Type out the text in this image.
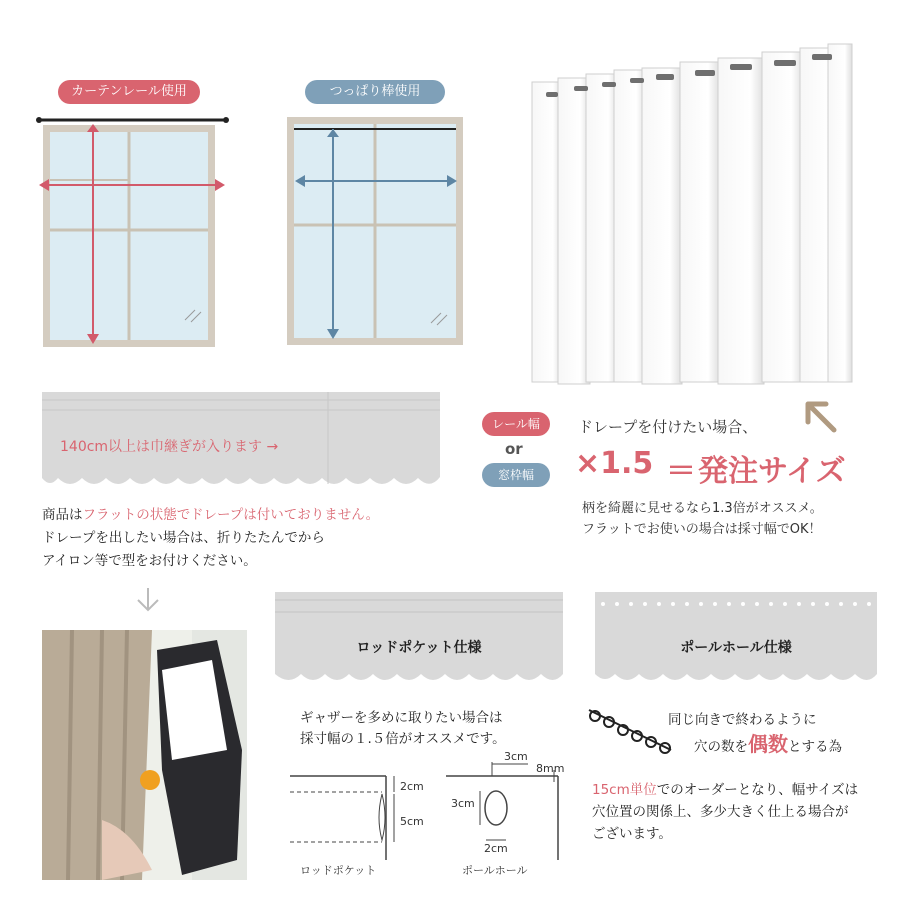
カーテンレール使用	つっぱり棒使用
140cm以上は巾継ぎが入ります →
レール幅
or
窓枠幅
ドレープを付けたい場合、
×1.5 ＝ 発注サイズ
柄を綺麗に見せるなら1.3倍がオススメ。
フラットでお使いの場合は採寸幅でOK！
商品はフラットの状態でドレープは付いておりません。
ドレープを出したい場合は、折りたたんでから
アイロン等で型をお付けください。
ロッドポケット仕様	ポールホール仕様
ギャザーを多めに取りたい場合は
採寸幅の１.５倍がオススメです。
2cm
5cm
ロッドポケット
3cm
8mm
3cm
2cm
ポールホール
同じ向きで終わるように
穴の数を偶数とする為
15cm単位でのオーダーとなり、幅サイズは
穴位置の関係上、多少大きく仕上る場合が
ございます。
